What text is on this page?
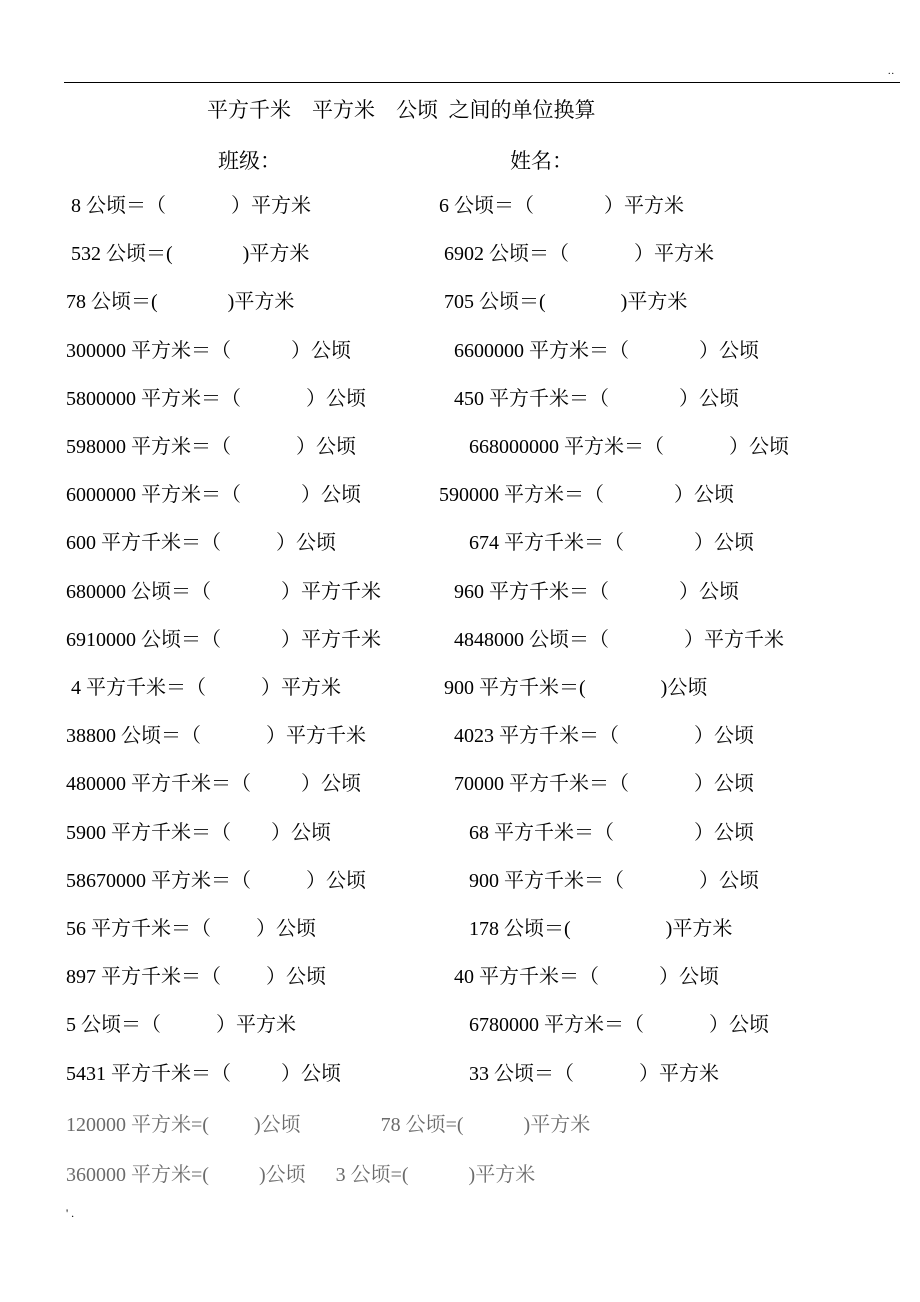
..
平方千米    平方米    公顷  之间的单位换算
班级：	姓名：
8 公顷＝（             ）平方米	6 公顷＝（              ）平方米
532 公顷＝(              )平方米	6902 公顷＝（             ）平方米
78 公顷＝(              )平方米	705 公顷＝(               )平方米
300000 平方米＝（            ）公顷	6600000 平方米＝（              ）公顷
5800000 平方米＝（             ）公顷	450 平方千米＝（              ）公顷
598000 平方米＝（             ）公顷	668000000 平方米＝（             ）公顷
6000000 平方米＝（            ）公顷	590000 平方米＝（              ）公顷
600 平方千米＝（           ）公顷	674 平方千米＝（              ）公顷
680000 公顷＝（              ）平方千米	960 平方千米＝（              ）公顷
6910000 公顷＝（            ）平方千米	4848000 公顷＝（               ）平方千米
4 平方千米＝（           ）平方米	900 平方千米＝(               )公顷
38800 公顷＝（             ）平方千米	4023 平方千米＝（               ）公顷
480000 平方千米＝（          ）公顷	70000 平方千米＝（             ）公顷
5900 平方千米＝（        ）公顷	68 平方千米＝（                ）公顷
58670000 平方米＝（           ）公顷	900 平方千米＝（               ）公顷
56 平方千米＝（         ）公顷	178 公顷＝(                   )平方米
897 平方千米＝（         ）公顷	40 平方千米＝（            ）公顷
5 公顷＝（           ）平方米	6780000 平方米＝（             ）公顷
5431 平方千米＝（          ）公顷	33 公顷＝（             ）平方米
120000 平方米=(         )公顷                78 公顷=(            )平方米
360000 平方米=(          )公顷      3 公顷=(            )平方米
' .
